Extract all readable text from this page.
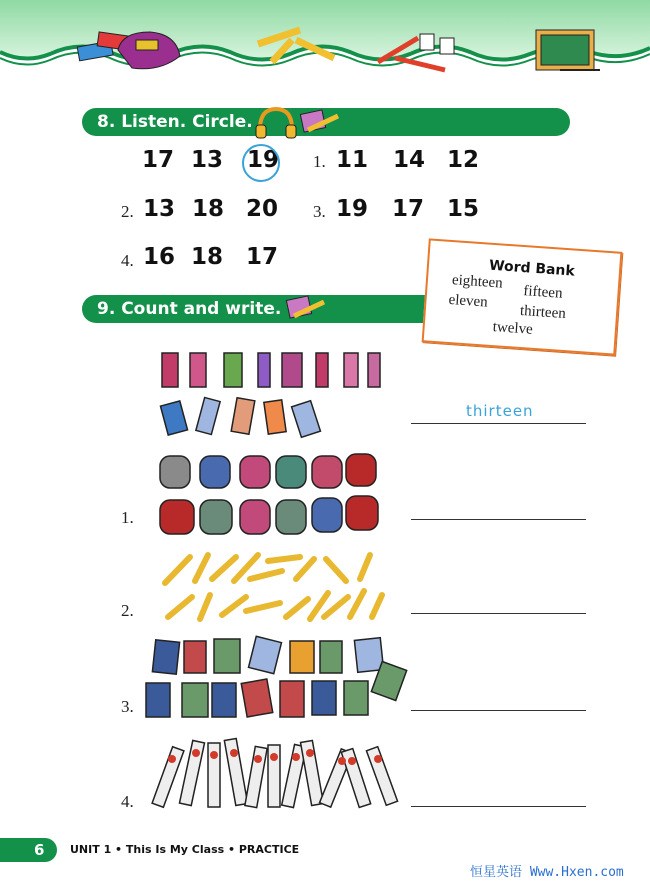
8. Listen. Circle.
17 13 19 1. 11 14 12
2. 13 18 20 3. 19 17 15
4. 16 18 17
9. Count and write.
Word Bank
eighteen
fifteen
eleven
thirteen
twelve
1.
2.
3.
4.
thirteen
6 UNIT 1 • This Is My Class • PRACTICE
恒星英语 Www.Hxen.com
